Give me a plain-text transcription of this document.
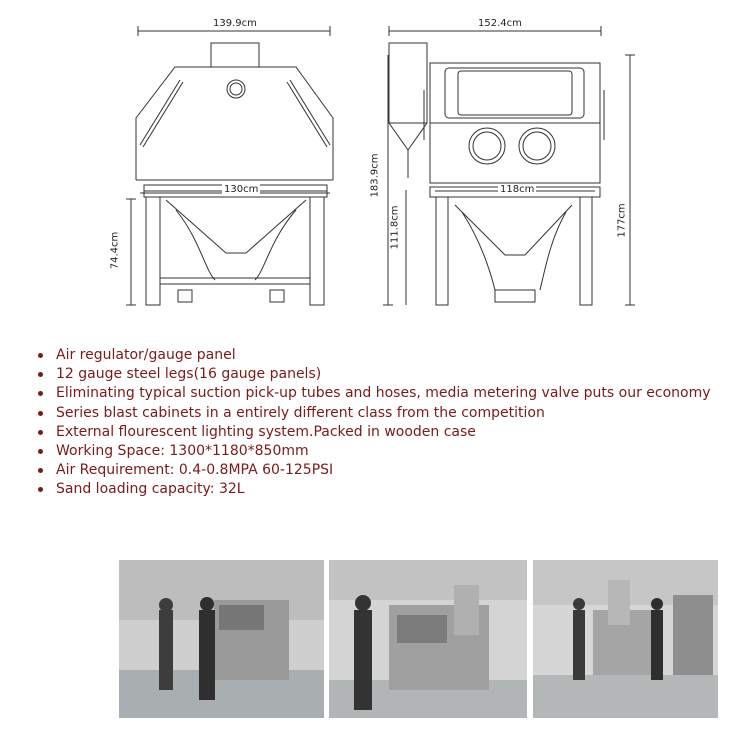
139.9cm
130cm
74.4cm
152.4cm
118cm
183.9cm
111.8cm	177cm
Air regulator/gauge panel
12 gauge steel legs(16 gauge panels)
Eliminating typical suction pick-up tubes and hoses, media metering valve puts our economy
Series blast cabinets in a entirely different class from the competition
External flourescent lighting system.Packed in wooden case
Working Space: 1300*1180*850mm
Air Requirement: 0.4-0.8MPA 60-125PSI
Sand loading capacity: 32L
